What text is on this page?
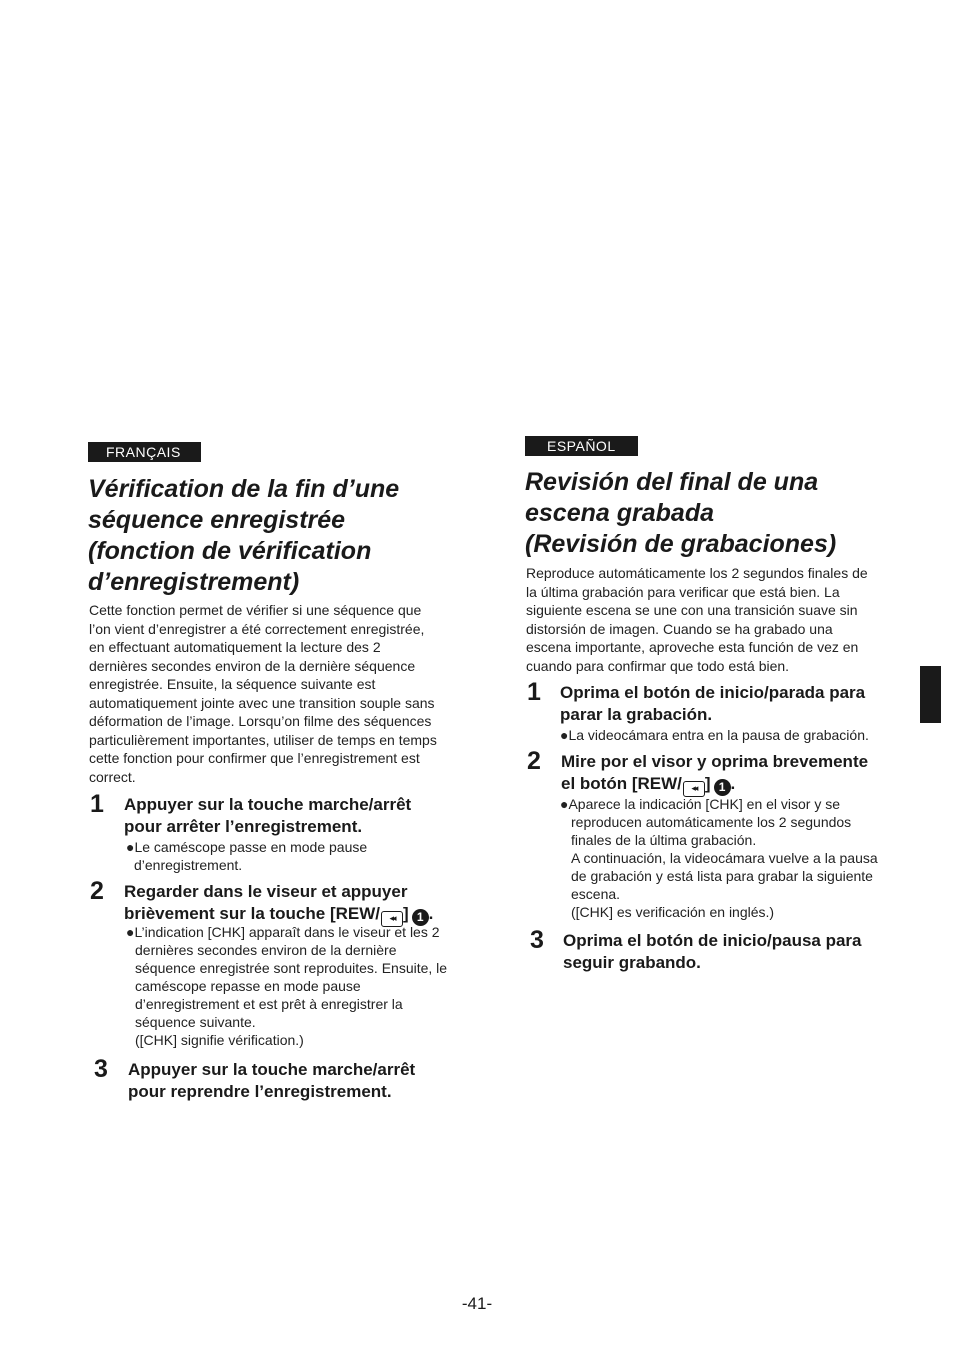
FRANÇAIS
Vérification de la fin d’une
séquence enregistrée
(fonction de vérification
d’enregistrement)
Cette fonction permet de vérifier si une séquence que
l’on vient d’enregistrer a été correctement enregistrée,
en effectuant automatiquement la lecture des 2
dernières secondes environ de la dernière séquence
enregistrée. Ensuite, la séquence suivante est
automatiquement jointe avec une transition souple sans
déformation de l’image. Lorsqu’on filme des séquences
particulièrement importantes, utiliser de temps en temps
cette fonction pour confirmer que l’enregistrement est
correct.
1 Appuyer sur la touche marche/arrêt
pour arrêter l’enregistrement.
●Le caméscope passe en mode pause
d’enregistrement.
2 Regarder dans le viseur et appuyer
brièvement sur la touche [REW/ ◂◂ ] 1 .
●L’indication [CHK] apparaît dans le viseur et les 2
dernières secondes environ de la dernière
séquence enregistrée sont reproduites. Ensuite, le
caméscope repasse en mode pause
d’enregistrement et est prêt à enregistrer la
séquence suivante.
([CHK] signifie vérification.)
3 Appuyer sur la touche marche/arrêt
pour reprendre l’enregistrement.
ESPAÑOL
Revisión del final de una
escena grabada
(Revisión de grabaciones)
Reproduce automáticamente los 2 segundos finales de
la última grabación para verificar que está bien. La
siguiente escena se une con una transición suave sin
distorsión de imagen. Cuando se ha grabado una
escena importante, aproveche esta función de vez en
cuando para confirmar que todo está bien.
1 Oprima el botón de inicio/parada para
parar la grabación.
●La videocámara entra en la pausa de grabación.
2 Mire por el visor y oprima brevemente
el botón [REW/ ◂◂ ] 1 .
●Aparece la indicación [CHK] en el visor y se
reproducen automáticamente los 2 segundos
finales de la última grabación.
A continuación, la videocámara vuelve a la pausa
de grabación y está lista para grabar la siguiente
escena.
([CHK] es verificación en inglés.)
3 Oprima el botón de inicio/pausa para
seguir grabando.
-41-
